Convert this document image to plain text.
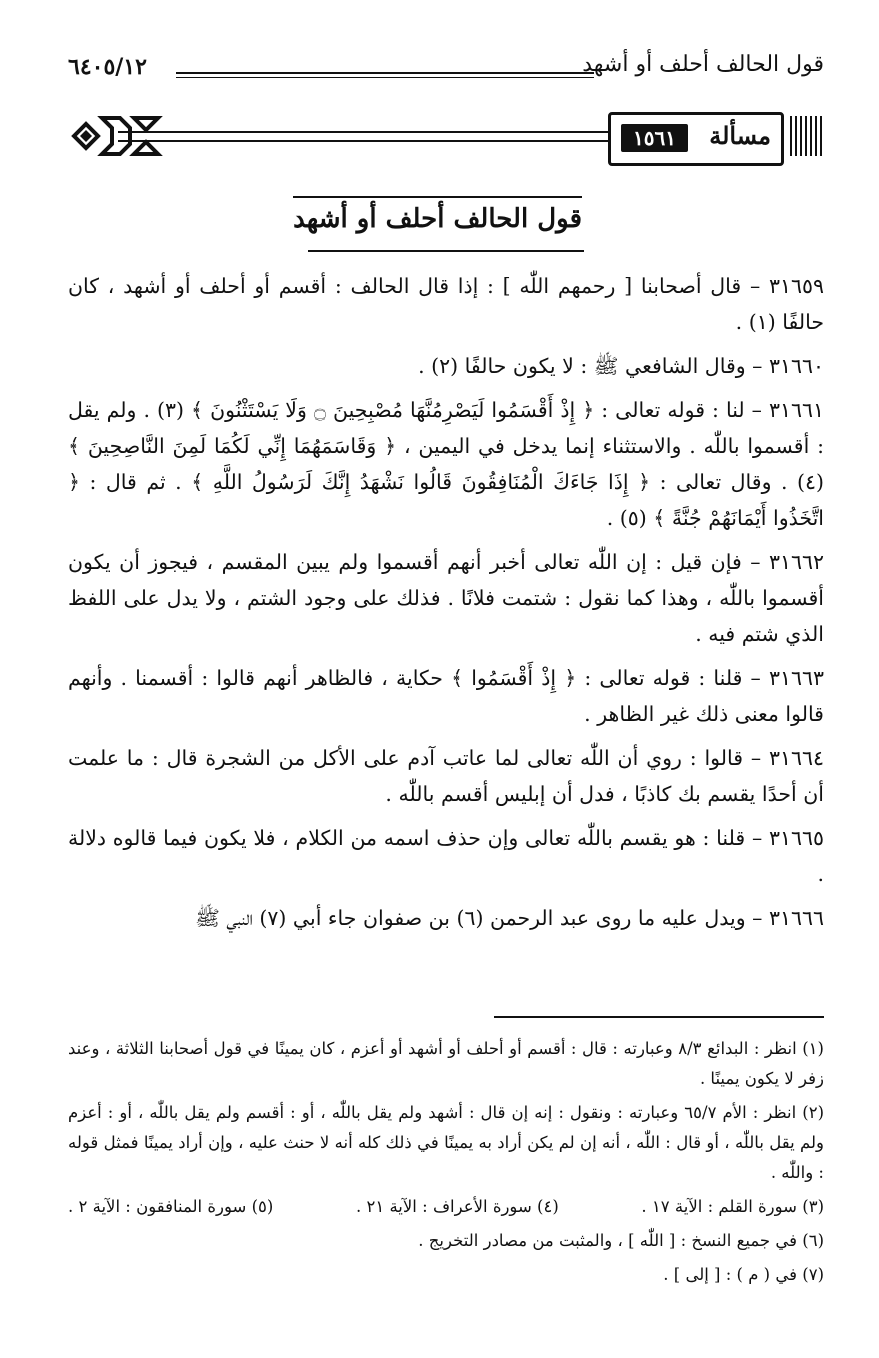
قول الحالف أحلف أو أشهد
٦٤٠٥/١٢
مسألة
١٥٦١
قول الحالف أحلف أو أشهد

٣١٦٥٩ – قال أصحابنا [ رحمهم اللّٰه ] : إذا قال الحالف : أقسم أو أحلف أو أشهد ، كان حالفًا (١) .

٣١٦٦٠ – وقال الشافعي ﷺ : لا يكون حالفًا (٢) .

٣١٦٦١ – لنا : قوله تعالى : ﴿ إِذْ أَقْسَمُوا لَيَصْرِمُنَّهَا مُصْبِحِينَ ۝ وَلَا يَسْتَثْنُونَ ﴾ (٣) . ولم يقل : أقسموا باللّٰه . والاستثناء إنما يدخل في اليمين ، ﴿ وَقَاسَمَهُمَا إِنِّي لَكُمَا لَمِنَ النَّاصِحِينَ ﴾ (٤) . وقال تعالى : ﴿ إِذَا جَاءَكَ الْمُنَافِقُونَ قَالُوا نَشْهَدُ إِنَّكَ لَرَسُولُ اللَّهِ ﴾ . ثم قال : ﴿ اتَّخَذُوا أَيْمَانَهُمْ جُنَّةً ﴾ (٥) .

٣١٦٦٢ – فإن قيل : إن اللّٰه تعالى أخبر أنهم أقسموا ولم يبين المقسم ، فيجوز أن يكون أقسموا باللّٰه ، وهذا كما نقول : شتمت فلانًا . فذلك على وجود الشتم ، ولا يدل على اللفظ الذي شتم فيه .

٣١٦٦٣ – قلنا : قوله تعالى : ﴿ إِذْ أَقْسَمُوا ﴾ حكاية ، فالظاهر أنهم قالوا : أقسمنا . وأنهم قالوا معنى ذلك غير الظاهر .

٣١٦٦٤ – قالوا : روي أن اللّٰه تعالى لما عاتب آدم على الأكل من الشجرة قال : ما علمت أن أحدًا يقسم بك كاذبًا ، فدل أن إبليس أقسم باللّٰه .

٣١٦٦٥ – قلنا : هو يقسم باللّٰه تعالى وإن حذف اسمه من الكلام ، فلا يكون فيما قالوه دلالة .

٣١٦٦٦ – ويدل عليه ما روى عبد الرحمن (٦) بن صفوان جاء أبي (٧) النبي ﷺ

(١) انظر : البدائع ٨/٣ وعبارته : قال : أقسم أو أحلف أو أشهد أو أعزم ، كان يمينًا في قول أصحابنا الثلاثة ، وعند زفر لا يكون يمينًا .

(٢) انظر : الأم ٦٥/٧ وعبارته : ونقول : إنه إن قال : أشهد ولم يقل باللّٰه ، أو : أقسم ولم يقل باللّٰه ، أو : أعزم ولم يقل باللّٰه ، أو قال : اللّٰه ، أنه إن لم يكن أراد به يمينًا في ذلك كله أنه لا حنث عليه ، وإن أراد يمينًا فمثل قوله : واللّٰه .

(٣) سورة القلم : الآية ١٧ .
(٤) سورة الأعراف : الآية ٢١ .
(٥) سورة المنافقون : الآية ٢ .

(٦) في جميع النسخ : [ اللّٰه ] ، والمثبت من مصادر التخريج .

(٧) في ( م ) : [ إلى ] .
